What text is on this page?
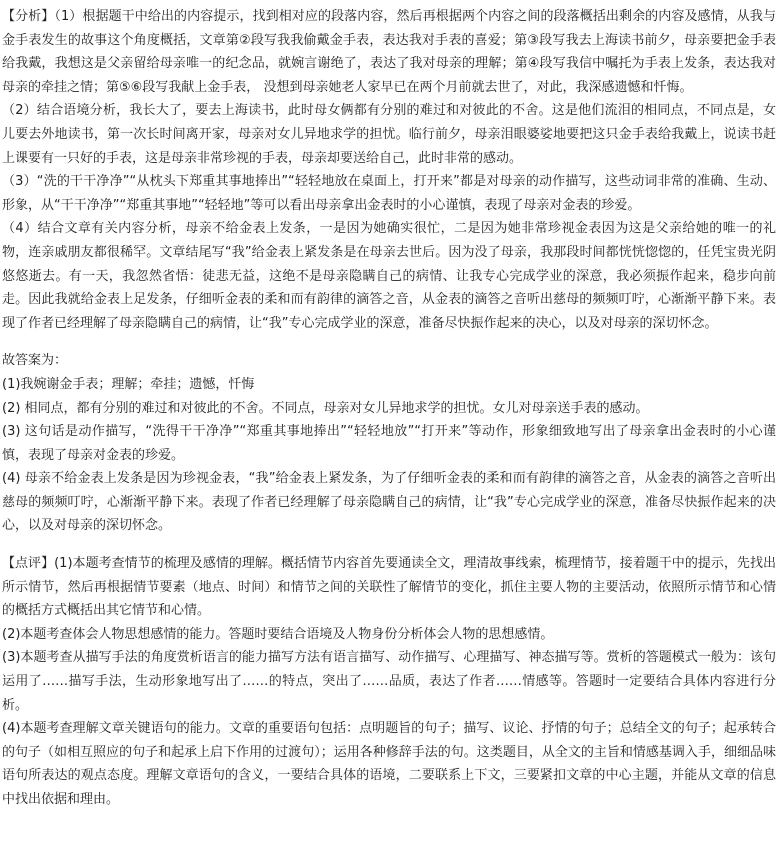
【分析】（1）根据题干中给出的内容提示，找到相对应的段落内容，然后再根据两个内容之间的段落概括出剩余的内容及感情，从我与金手表发生的故事这个角度概括，文章第②段写我我偷戴金手表，表达我对手表的喜爱；第③段写我去上海读书前夕，母亲要把金手表给我戴，我想这是父亲留给母亲唯一的纪念品，就婉言谢绝了，表达了我对母亲的理解；第④段写我信中嘱托为手表上发条，表达我对母亲的牵挂之情；第⑤⑥段写我献上金手表， 没想到母亲她老人家早已在两个月前就去世了，对此，我深感遗憾和忏悔。

（2）结合语境分析，我长大了，要去上海读书，此时母女俩都有分别的难过和对彼此的不舍。这是他们流泪的相同点，不同点是，女儿要去外地读书，第一次长时间离开家，母亲对女儿异地求学的担忧。临行前夕，母亲泪眼婆娑地要把这只金手表给我戴上，说读书赶上课要有一只好的手表，这是母亲非常珍视的手表，母亲却要送给自己，此时非常的感动。

（3）“洗的干干净净”“从枕头下郑重其事地捧出”“轻轻地放在桌面上，打开来”都是对母亲的动作描写，这些动词非常的准确、生动、形象，从“干干净净”“郑重其事地”“轻轻地”等可以看出母亲拿出金表时的小心谨慎，表现了母亲对金表的珍爱。

（4）结合文章有关内容分析，母亲不给金表上发条，一是因为她确实很忙，二是因为她非常珍视金表因为这是父亲给她的唯一的礼物，连亲戚朋友都很稀罕。文章结尾写“我”给金表上紧发条是在母亲去世后。因为没了母亲，我那段时间都恍恍惚惚的，任凭宝贵光阴悠悠逝去。有一天，我忽然省悟：徒悲无益，这绝不是母亲隐瞒自己的病情、让我专心完成学业的深意，我必须振作起来，稳步向前走。因此我就给金表上足发条，仔细听金表的柔和而有韵律的滴答之音，从金表的滴答之音听出慈母的频频叮咛，心渐渐平静下来。表现了作者已经理解了母亲隐瞒自己的病情，让“我”专心完成学业的深意，准备尽快振作起来的决心，以及对母亲的深切怀念。

故答案为：

(1)我婉谢金手表；理解；牵挂；遗憾，忏悔

(2) 相同点，都有分别的难过和对彼此的不舍。不同点，母亲对女儿异地求学的担忧。女儿对母亲送手表的感动。

(3) 这句话是动作描写，“洗得干干净净”“郑重其事地捧出”“轻轻地放”“打开来”等动作，形象细致地写出了母亲拿出金表时的小心谨慎，表现了母亲对金表的珍爱。

(4) 母亲不给金表上发条是因为珍视金表，“我”给金表上紧发条，为了仔细听金表的柔和而有韵律的滴答之音，从金表的滴答之音听出慈母的频频叮咛，心渐渐平静下来。表现了作者已经理解了母亲隐瞒自己的病情，让“我”专心完成学业的深意，准备尽快振作起来的决心，以及对母亲的深切怀念。

【点评】(1)本题考查情节的梳理及感情的理解。概括情节内容首先要通读全文，理清故事线索，梳理情节，接着题干中的提示，先找出所示情节，然后再根据情节要素（地点、时间）和情节之间的关联性了解情节的变化，抓住主要人物的主要活动，依照所示情节和心情的概括方式概括出其它情节和心情。

(2)本题考查体会人物思想感情的能力。答题时要结合语境及人物身份分析体会人物的思想感情。

(3)本题考查从描写手法的角度赏析语言的能力描写方法有语言描写、动作描写、心理描写、神态描写等。赏析的答题模式一般为：该句运用了……描写手法，生动形象地写出了……的特点，突出了……品质，表达了作者……情感等。答题时一定要结合具体内容进行分析。

(4)本题考查理解文章关键语句的能力。文章的重要语句包括：点明题旨的句子；描写、议论、抒情的句子；总结全文的句子；起承转合的句子（如相互照应的句子和起承上启下作用的过渡句）；运用各种修辞手法的句。这类题目，从全文的主旨和情感基调入手，细细品味语句所表达的观点态度。理解文章语句的含义，一要结合具体的语境，二要联系上下文，三要紧扣文章的中心主题，并能从文章的信息中找出依据和理由。
